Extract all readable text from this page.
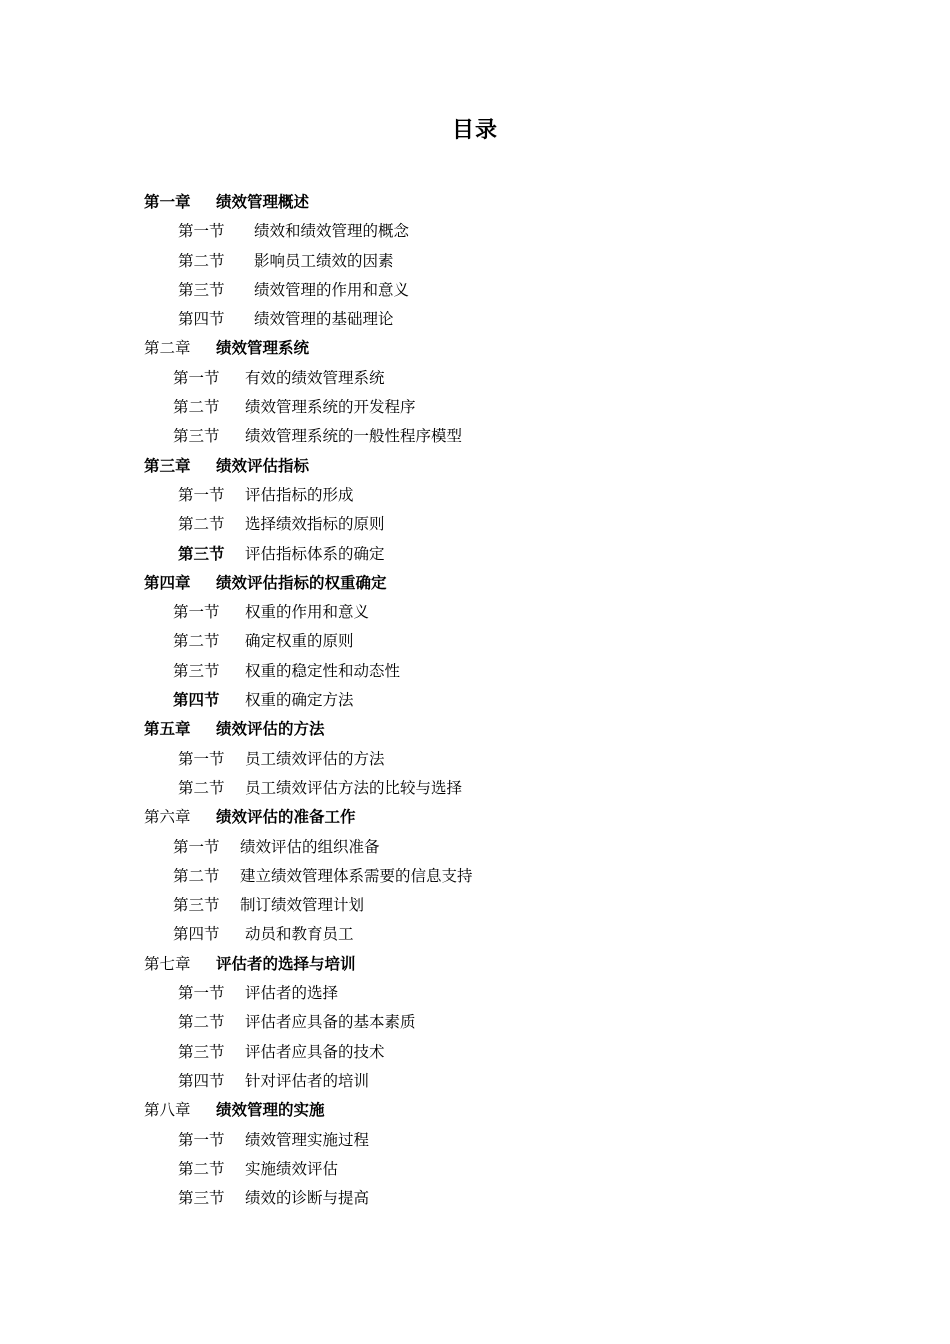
目录
第一章 绩效管理概述
第一节 绩效和绩效管理的概念
第二节 影响员工绩效的因素
第三节 绩效管理的作用和意义
第四节 绩效管理的基础理论
第二章 绩效管理系统
第一节 有效的绩效管理系统
第二节 绩效管理系统的开发程序
第三节 绩效管理系统的一般性程序模型
第三章 绩效评估指标
第一节 评估指标的形成
第二节 选择绩效指标的原则
第三节 评估指标体系的确定
第四章 绩效评估指标的权重确定
第一节 权重的作用和意义
第二节 确定权重的原则
第三节 权重的稳定性和动态性
第四节 权重的确定方法
第五章 绩效评估的方法
第一节 员工绩效评估的方法
第二节 员工绩效评估方法的比较与选择
第六章 绩效评估的准备工作
第一节 绩效评估的组织准备
第二节 建立绩效管理体系需要的信息支持
第三节 制订绩效管理计划
第四节 动员和教育员工
第七章 评估者的选择与培训
第一节 评估者的选择
第二节 评估者应具备的基本素质
第三节 评估者应具备的技术
第四节 针对评估者的培训
第八章 绩效管理的实施
第一节 绩效管理实施过程
第二节 实施绩效评估
第三节 绩效的诊断与提高
